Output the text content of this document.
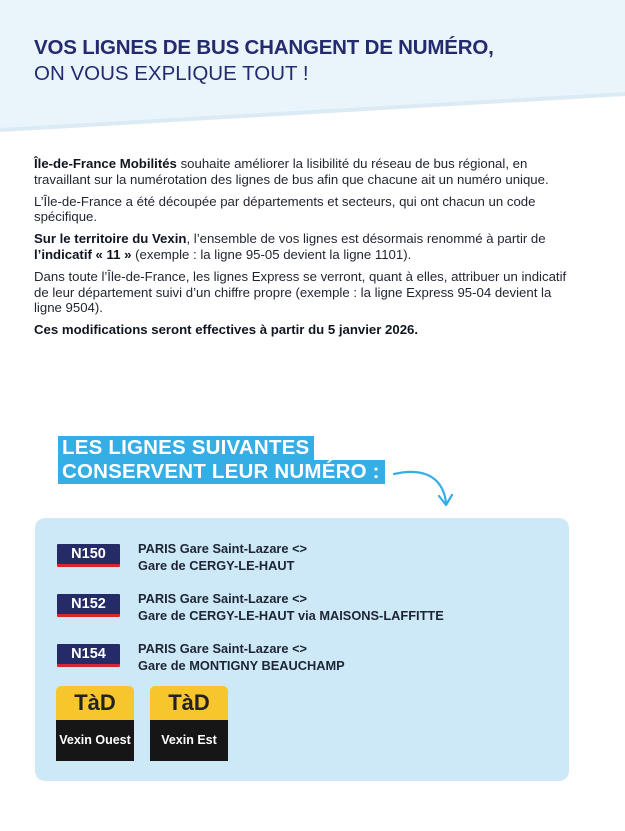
VOS LIGNES DE BUS CHANGENT DE NUMÉRO,
ON VOUS EXPLIQUE TOUT !

Île-de-France Mobilités souhaite améliorer la lisibilité du réseau de bus régional, en travaillant sur la numérotation des lignes de bus afin que chacune ait un numéro unique.

L’Île-de-France a été découpée par départements et secteurs, qui ont chacun un code spécifique.

Sur le territoire du Vexin, l’ensemble de vos lignes est désormais renommé à partir de l’indicatif « 11 » (exemple : la ligne 95-05 devient la ligne 1101).

Dans toute l’Île-de-France, les lignes Express se verront, quant à elles, attribuer un indicatif de leur département suivi d’un chiffre propre (exemple : la ligne Express 95-04 devient la ligne 9504).

Ces modifications seront effectives à partir du 5 janvier 2026.

LES LIGNES SUIVANTES
CONSERVENT LEUR NUMÉRO :
N150	PARIS Gare Saint-Lazare <>
Gare de CERGY-LE-HAUT
N152	PARIS Gare Saint-Lazare <>
Gare de CERGY-LE-HAUT via MAISONS-LAFFITTE
N154	PARIS Gare Saint-Lazare <>
Gare de MONTIGNY BEAUCHAMP
TàD
Vexin Ouest
TàD
Vexin Est
